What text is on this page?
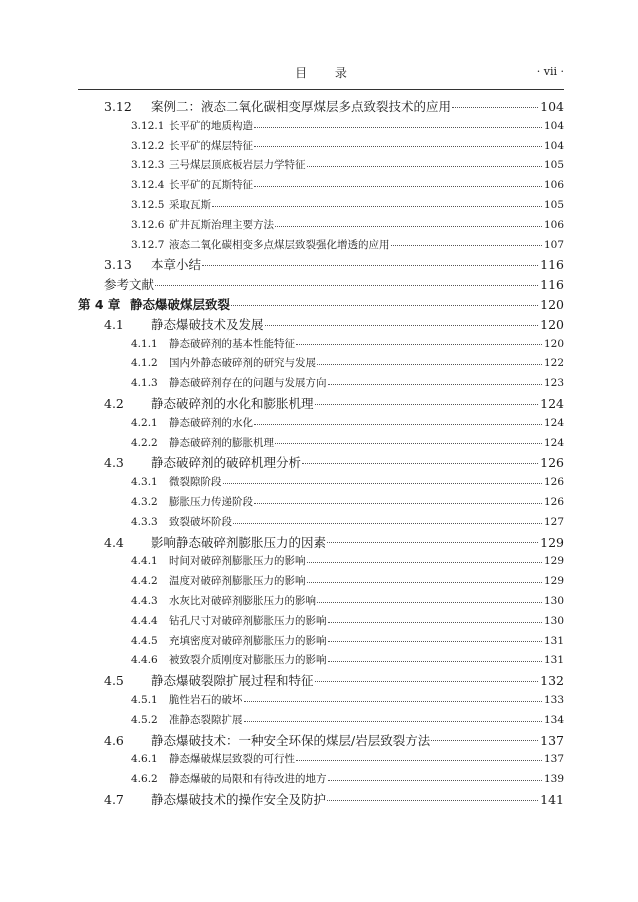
目 录	· vii ·
3.12	案例二：液态二氧化碳相变厚煤层多点致裂技术的应用	104
3.12.1 长平矿的地质构造	104
3.12.2 长平矿的煤层特征	104
3.12.3 三号煤层顶底板岩层力学特征	105
3.12.4 长平矿的瓦斯特征	106
3.12.5 采取瓦斯	105
3.12.6 矿井瓦斯治理主要方法	106
3.12.7 液态二氧化碳相变多点煤层致裂强化增透的应用	107
3.13	本章小结	116
参考文献	116
第 4 章 静态爆破煤层致裂	120
4.1	静态爆破技术及发展	120
4.1.1	静态破碎剂的基本性能特征	120
4.1.2	国内外静态破碎剂的研究与发展	122
4.1.3	静态破碎剂存在的问题与发展方向	123
4.2	静态破碎剂的水化和膨胀机理	124
4.2.1	静态破碎剂的水化	124
4.2.2	静态破碎剂的膨胀机理	124
4.3	静态破碎剂的破碎机理分析	126
4.3.1	微裂隙阶段	126
4.3.2	膨胀压力传递阶段	126
4.3.3	致裂破坏阶段	127
4.4	影响静态破碎剂膨胀压力的因素	129
4.4.1	时间对破碎剂膨胀压力的影响	129
4.4.2	温度对破碎剂膨胀压力的影响	129
4.4.3	水灰比对破碎剂膨胀压力的影响	130
4.4.4	钻孔尺寸对破碎剂膨胀压力的影响	130
4.4.5	充填密度对破碎剂膨胀压力的影响	131
4.4.6	被致裂介质刚度对膨胀压力的影响	131
4.5	静态爆破裂隙扩展过程和特征	132
4.5.1	脆性岩石的破坏	133
4.5.2	准静态裂隙扩展	134
4.6	静态爆破技术：一种安全环保的煤层/岩层致裂方法	137
4.6.1	静态爆破煤层致裂的可行性	137
4.6.2	静态爆破的局限和有待改进的地方	139
4.7	静态爆破技术的操作安全及防护	141
